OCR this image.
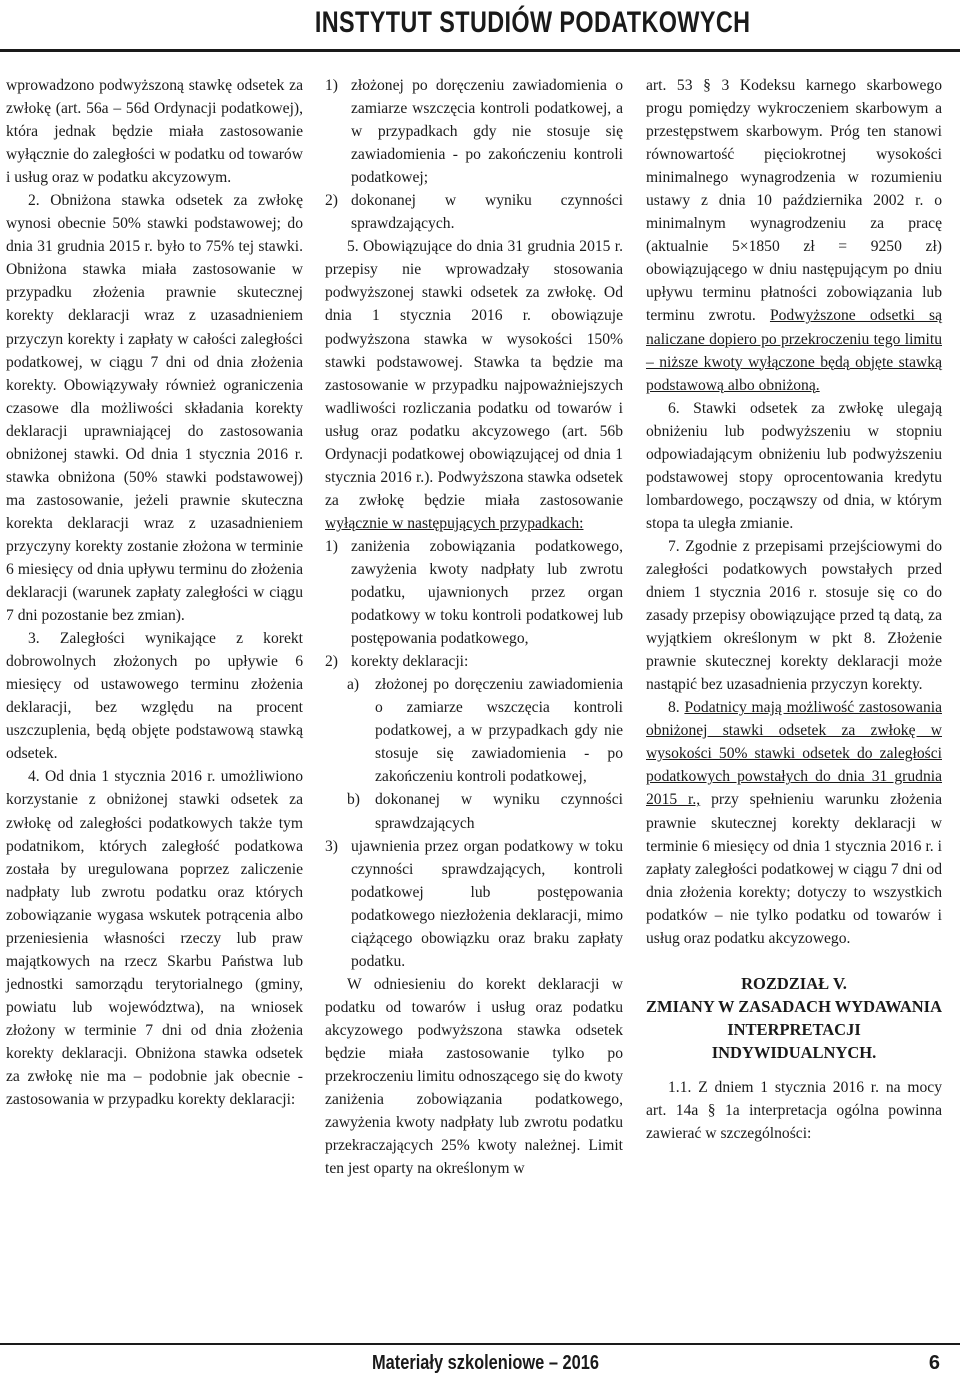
INSTYTUT STUDIÓW PODATKOWYCH

wprowadzono podwyższoną stawkę odsetek za zwłokę (art. 56a – 56d Ordynacji podatkowej), która jednak będzie miała zastosowanie wyłącznie do zaległości w podatku od towarów i usług oraz w podatku akcyzowym.

2. Obniżona stawka odsetek za zwłokę wynosi obecnie 50% stawki podstawowej; do dnia 31 grudnia 2015 r. było to 75% tej stawki. Obniżona stawka miała zastosowanie w przypadku złożenia prawnie skutecznej korekty deklaracji wraz z uzasadnieniem przyczyn korekty i zapłaty w całości zaległości podatkowej, w ciągu 7 dni od dnia złożenia korekty. Obowiązywały również ograniczenia czasowe dla możliwości składania korekty deklaracji uprawniającej do zastosowania obniżonej stawki. Od dnia 1 stycznia 2016 r. stawka obniżona (50% stawki podstawowej) ma zastosowanie, jeżeli prawnie skuteczna korekta deklaracji wraz z uzasadnieniem przyczyny korekty zostanie złożona w terminie 6 miesięcy od dnia upływu terminu do złożenia deklaracji (warunek zapłaty zaległości w ciągu 7 dni pozostanie bez zmian).

3. Zaległości wynikające z korekt dobrowolnych złożonych po upływie 6 miesięcy od ustawowego terminu złożenia deklaracji, bez względu na procent uszczuplenia, będą objęte podstawową stawką odsetek.

4. Od dnia 1 stycznia 2016 r. umożliwiono korzystanie z obniżonej stawki odsetek za zwłokę od zaległości podatkowych także tym podatnikom, których zaległość podatkowa została by uregulowana poprzez zaliczenie nadpłaty lub zwrotu podatku oraz których zobowiązanie wygasa wskutek potrącenia albo przeniesienia własności rzeczy lub praw majątkowych na rzecz Skarbu Państwa lub jednostki samorządu terytorialnego (gminy, powiatu lub województwa), na wniosek złożony w terminie 7 dni od dnia złożenia korekty deklaracji. Obniżona stawka odsetek za zwłokę nie ma – podobnie jak obecnie - zastosowania w przypadku korekty deklaracji:

1) złożonej po doręczeniu zawiadomienia o zamiarze wszczęcia kontroli podatkowej, a w przypadkach gdy nie stosuje się zawiadomienia - po zakończeniu kontroli podatkowej;
2) dokonanej w wyniku czynności sprawdzających.

5. Obowiązujące do dnia 31 grudnia 2015 r. przepisy nie wprowadzały stosowania podwyższonej stawki odsetek za zwłokę. Od dnia 1 stycznia 2016 r. obowiązuje podwyższona stawka w wysokości 150% stawki podstawowej. Stawka ta będzie ma zastosowanie w przypadku najpoważniejszych wadliwości rozliczania podatku od towarów i usług oraz podatku akcyzowego (art. 56b Ordynacji podatkowej obowiązującej od dnia 1 stycznia 2016 r.). Podwyższona stawka odsetek za zwłokę będzie miała zastosowanie wyłącznie w następujących przypadkach:

1) zaniżenia zobowiązania podatkowego, zawyżenia kwoty nadpłaty lub zwrotu podatku, ujawnionych przez organ podatkowy w toku kontroli podatkowej lub postępowania podatkowego,
2) korekty deklaracji:
a) złożonej po doręczeniu zawiadomienia o zamiarze wszczęcia kontroli podatkowej, a w przypadkach gdy nie stosuje się zawiadomienia - po zakończeniu kontroli podatkowej,
b) dokonanej w wyniku czynności sprawdzających
3) ujawnienia przez organ podatkowy w toku czynności sprawdzających, kontroli podatkowej lub postępowania podatkowego niezłożenia deklaracji, mimo ciążącego obowiązku oraz braku zapłaty podatku.

W odniesieniu do korekt deklaracji w podatku od towarów i usług oraz podatku akcyzowego podwyższona stawka odsetek będzie miała zastosowanie tylko po przekroczeniu limitu odnoszącego się do kwoty zaniżenia zobowiązania podatkowego, zawyżenia kwoty nadpłaty lub zwrotu podatku przekraczających 25% kwoty należnej. Limit ten jest oparty na określonym w

art. 53 § 3 Kodeksu karnego skarbowego progu pomiędzy wykroczeniem skarbowym a przestępstwem skarbowym. Próg ten stanowi równowartość pięciokrotnej wysokości minimalnego wynagrodzenia w rozumieniu ustawy z dnia 10 października 2002 r. o minimalnym wynagrodzeniu za pracę (aktualnie 5×1850 zł = 9250 zł) obowiązującego w dniu następującym po dniu upływu terminu płatności zobowiązania lub terminu zwrotu. Podwyższone odsetki są naliczane dopiero po przekroczeniu tego limitu – niższe kwoty wyłączone będą objęte stawką podstawową albo obniżoną.

6. Stawki odsetek za zwłokę ulegają obniżeniu lub podwyższeniu w stopniu odpowiadającym obniżeniu lub podwyższeniu podstawowej stopy oprocentowania kredytu lombardowego, począwszy od dnia, w którym stopa ta uległa zmianie.

7. Zgodnie z przepisami przejściowymi do zaległości podatkowych powstałych przed dniem 1 stycznia 2016 r. stosuje się co do zasady przepisy obowiązujące przed tą datą, za wyjątkiem określonym w pkt 8. Złożenie prawnie skutecznej korekty deklaracji może nastąpić bez uzasadnienia przyczyn korekty.

8. Podatnicy mają możliwość zastosowania obniżonej stawki odsetek za zwłokę w wysokości 50% stawki odsetek do zaległości podatkowych powstałych do dnia 31 grudnia 2015 r., przy spełnieniu warunku złożenia prawnie skutecznej korekty deklaracji w terminie 6 miesięcy od dnia 1 stycznia 2016 r. i zapłaty zaległości podatkowej w ciągu 7 dni od dnia złożenia korekty; dotyczy to wszystkich podatków – nie tylko podatku od towarów i usług oraz podatku akcyzowego.

ROZDZIAŁ V.
ZMIANY W ZASADACH WYDAWANIA INTERPRETACJI INDYWIDUALNYCH.

1.1. Z dniem 1 stycznia 2016 r. na mocy art. 14a § 1a interpretacja ogólna powinna zawierać w szczególności:

Materiały szkoleniowe – 2016	6
